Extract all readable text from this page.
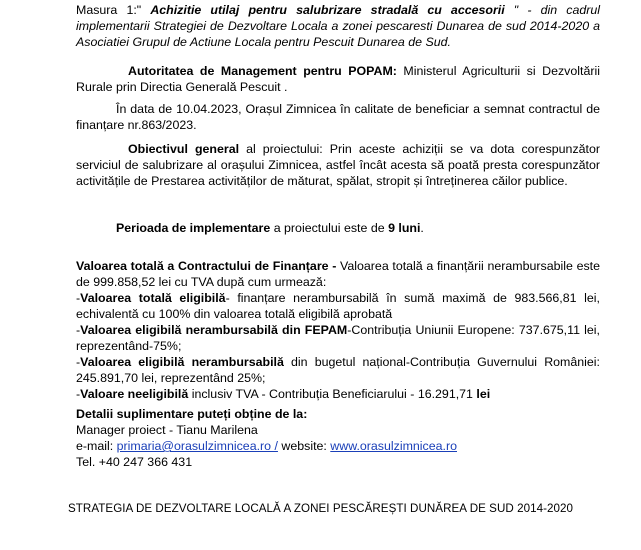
Masura 1:" Achizitie utilaj pentru salubrizare stradală cu accesorii " - din cadrul implementarii Strategiei de Dezvoltare Locala a zonei pescaresti Dunarea de sud 2014-2020 a Asociatiei Grupul de Actiune Locala pentru Pescuit Dunarea de Sud.

Autoritatea de Management pentru POPAM: Ministerul Agriculturii si Dezvoltării Rurale prin Directia Generală Pescuit .

În data de 10.04.2023, Orașul Zimnicea în calitate de beneficiar a semnat contractul de finanțare nr.863/2023.

Obiectivul general al proiectului: Prin aceste achiziții se va dota corespunzător serviciul de salubrizare al orașului Zimnicea, astfel încât acesta să poată presta corespunzător activitățile de Prestarea activităților de măturat, spălat, stropit și întreținerea căilor publice.

Perioada de implementare a proiectului este de 9 luni.

Valoarea totală a Contractului de Finanțare - Valoarea totală a finanțării nerambursabile este de 999.858,52 lei cu TVA după cum urmează:
-Valoarea totală eligibilă- finanțare nerambursabilă în sumă maximă de 983.566,81 lei, echivalentă cu 100% din valoarea totală eligibilă aprobată
-Valoarea eligibilă nerambursabilă din FEPAM-Contribuția Uniunii Europene: 737.675,11 lei, reprezentând-75%;
-Valoarea eligibilă nerambursabilă din bugetul național-Contribuția Guvernului României: 245.891,70 lei, reprezentând 25%;
-Valoare neeligibilă inclusiv TVA - Contribuția Beneficiarului - 16.291,71 lei

Detalii suplimentare puteți obține de la:
Manager proiect - Tianu Marilena
e-mail: primaria@orasulzimnicea.ro / website: www.orasulzimnicea.ro
Tel. +40 247 366 431

STRATEGIA DE DEZVOLTARE LOCALĂ A ZONEI PESCĂREȘTI DUNĂREA DE SUD 2014-2020
